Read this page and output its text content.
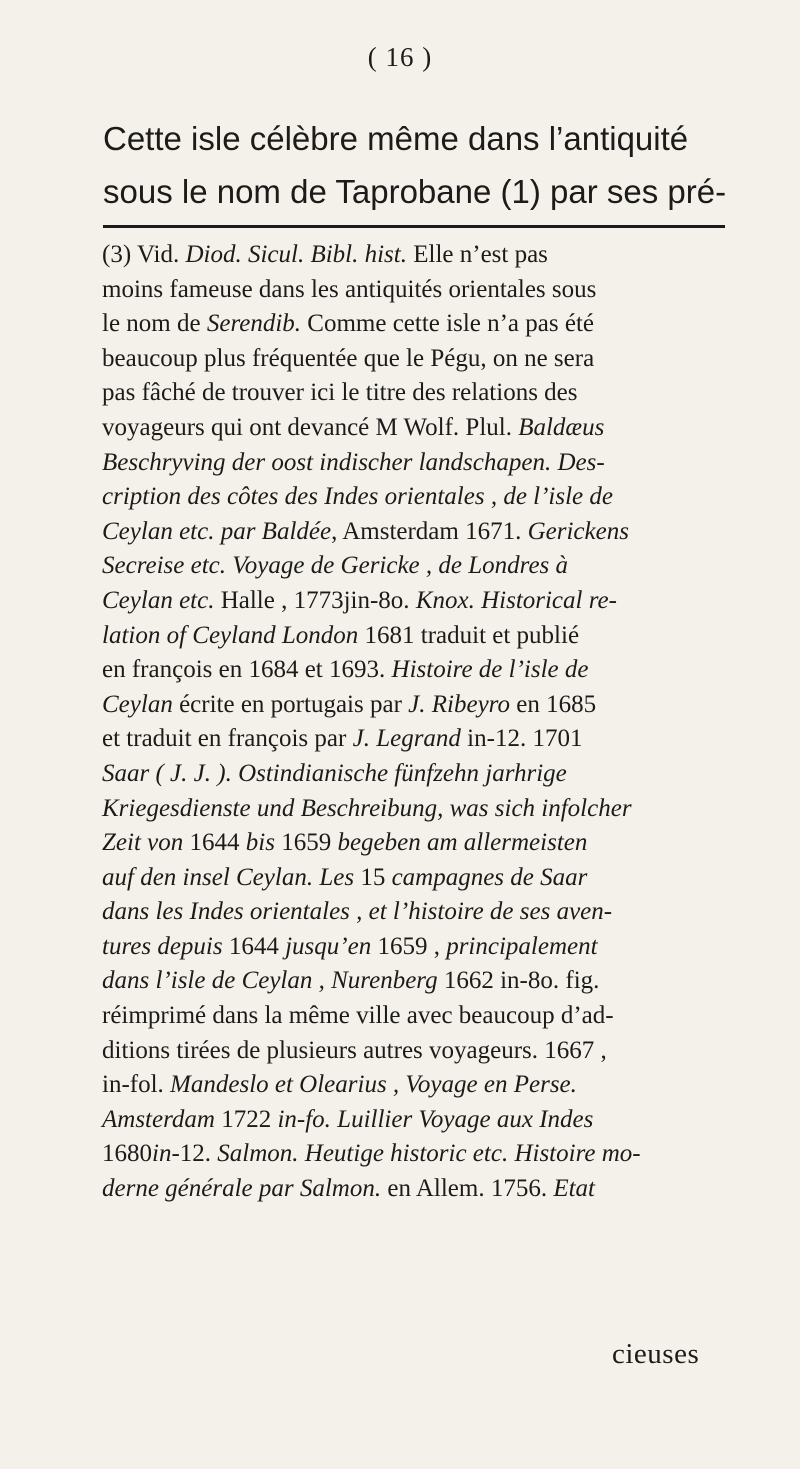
( 16 )
Cette isle célèbre même dans l’antiquité
sous le nom de Taprobane (1) par ses pré-
(3) Vid. Diod. Sicul. Bibl. hist. Elle n’est pas
moins fameuse dans les antiquités orientales sous
le nom de Serendib. Comme cette isle n’a pas été
beaucoup plus fréquentée que le Pégu, on ne sera
pas fâché de trouver ici le titre des relations des
voyageurs qui ont devancé M Wolf. Plul. Baldæus
Beschryving der oost indischer landschapen. Des-
cription des côtes des Indes orientales , de l’isle de
Ceylan etc. par Baldée, Amsterdam 1671. Gerickens
Secreise etc. Voyage de Gericke , de Londres à
Ceylan etc. Halle , 1773jin-8o. Knox. Historical re-
lation of Ceyland London 1681 traduit et publié
en françois en 1684 et 1693. Histoire de l’isle de
Ceylan écrite en portugais par J. Ribeyro en 1685
et traduit en françois par J. Legrand in-12. 1701
Saar ( J. J. ). Ostindianische fünfzehn jarhrige
Kriegesdienste und Beschreibung, was sich infolcher
Zeit von 1644 bis 1659 begeben am allermeisten
auf den insel Ceylan. Les 15 campagnes de Saar
dans les Indes orientales , et l’histoire de ses aven-
tures depuis 1644 jusqu’en 1659 , principalement
dans l’isle de Ceylan , Nurenberg 1662 in-8o. fig.
réimprimé dans la même ville avec beaucoup d’ad-
ditions tirées de plusieurs autres voyageurs. 1667 ,
in-fol. Mandeslo et Olearius , Voyage en Perse.
Amsterdam 1722 in-fo. Luillier Voyage aux Indes
1680in-12. Salmon. Heutige historic etc. Histoire mo-
derne générale par Salmon. en Allem. 1756. Etat
cieuses
